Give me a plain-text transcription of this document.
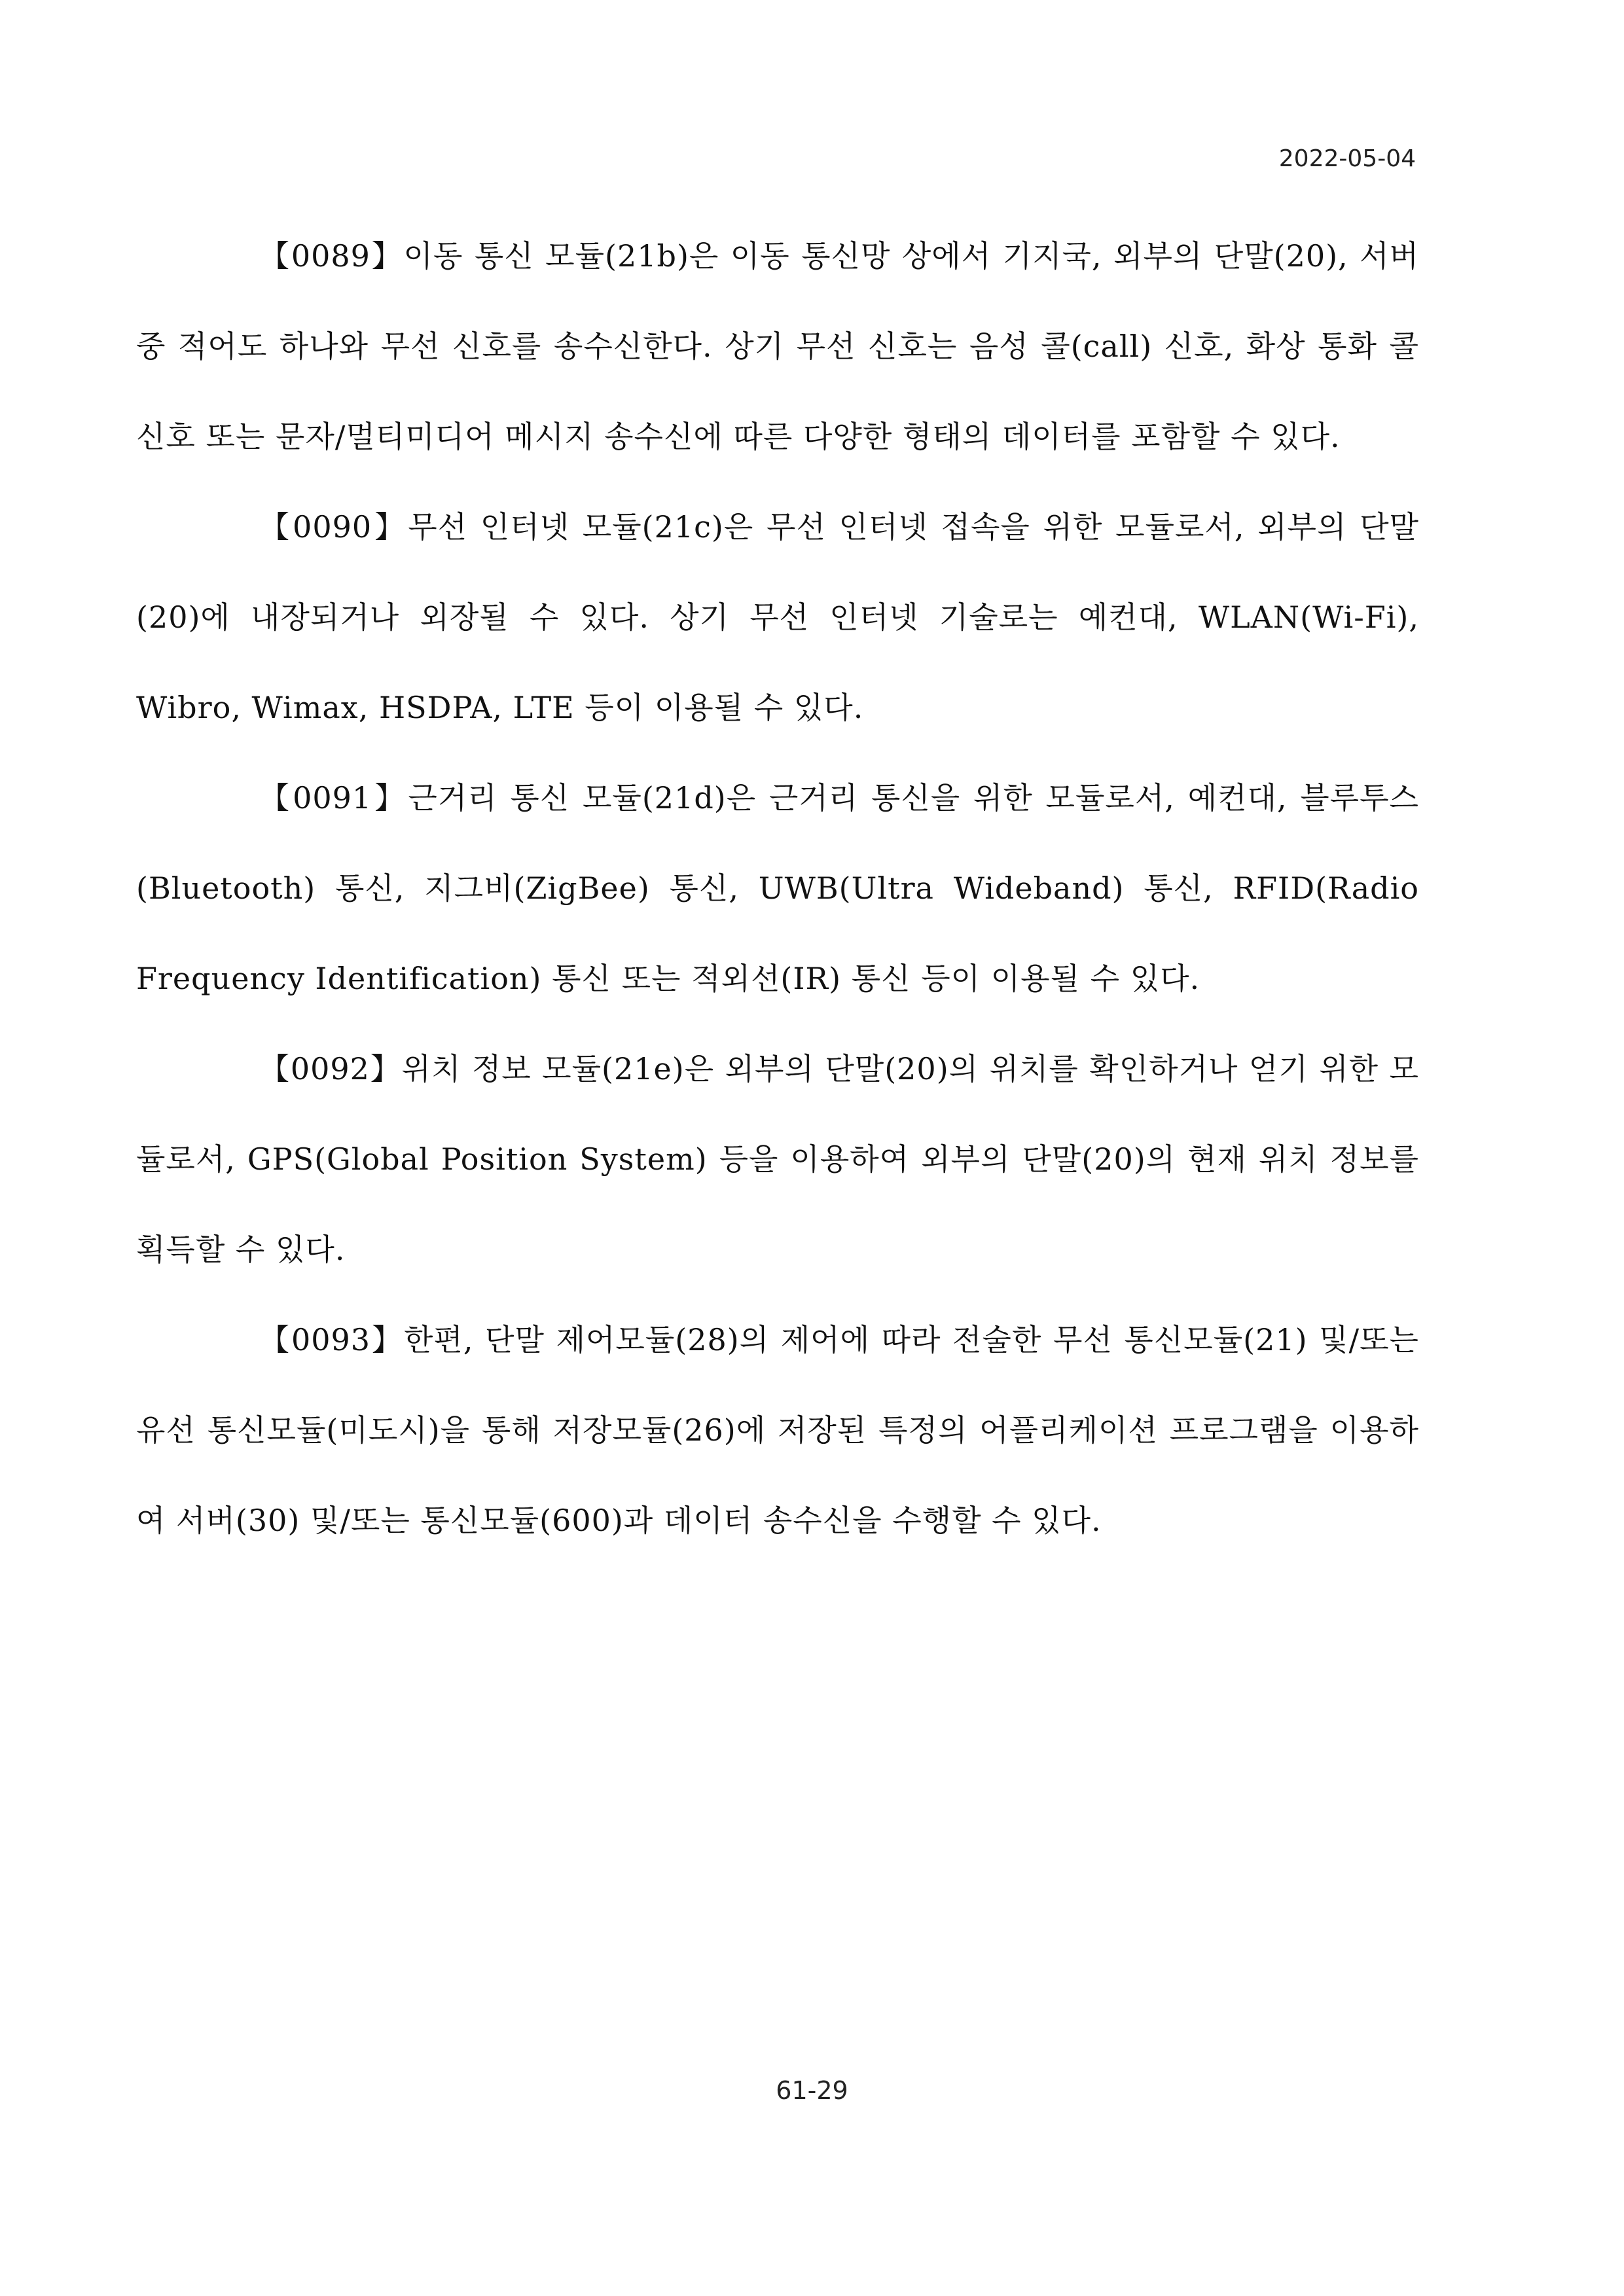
2022-05-04

【0089】이동 통신 모듈(21b)은 이동 통신망 상에서 기지국, 외부의 단말(20), 서버 중 적어도 하나와 무선 신호를 송수신한다. 상기 무선 신호는 음성 콜(call) 신호, 화상 통화 콜 신호 또는 문자/멀티미디어 메시지 송수신에 따른 다양한 형태의 데이터를 포함할 수 있다.

【0090】무선 인터넷 모듈(21c)은 무선 인터넷 접속을 위한 모듈로서, 외부의 단말(20)에 내장되거나 외장될 수 있다. 상기 무선 인터넷 기술로는 예컨대, WLAN(Wi-Fi), Wibro, Wimax, HSDPA, LTE 등이 이용될 수 있다.

【0091】근거리 통신 모듈(21d)은 근거리 통신을 위한 모듈로서, 예컨대, 블루투스(Bluetooth) 통신, 지그비(ZigBee) 통신, UWB(Ultra Wideband) 통신, RFID(Radio Frequency Identification) 통신 또는 적외선(IR) 통신 등이 이용될 수 있다.

【0092】위치 정보 모듈(21e)은 외부의 단말(20)의 위치를 확인하거나 얻기 위한 모듈로서, GPS(Global Position System) 등을 이용하여 외부의 단말(20)의 현재 위치 정보를 획득할 수 있다.

【0093】한편, 단말 제어모듈(28)의 제어에 따라 전술한 무선 통신모듈(21) 및/또는 유선 통신모듈(미도시)을 통해 저장모듈(26)에 저장된 특정의 어플리케이션 프로그램을 이용하여 서버(30) 및/또는 통신모듈(600)과 데이터 송수신을 수행할 수 있다.

61-29
